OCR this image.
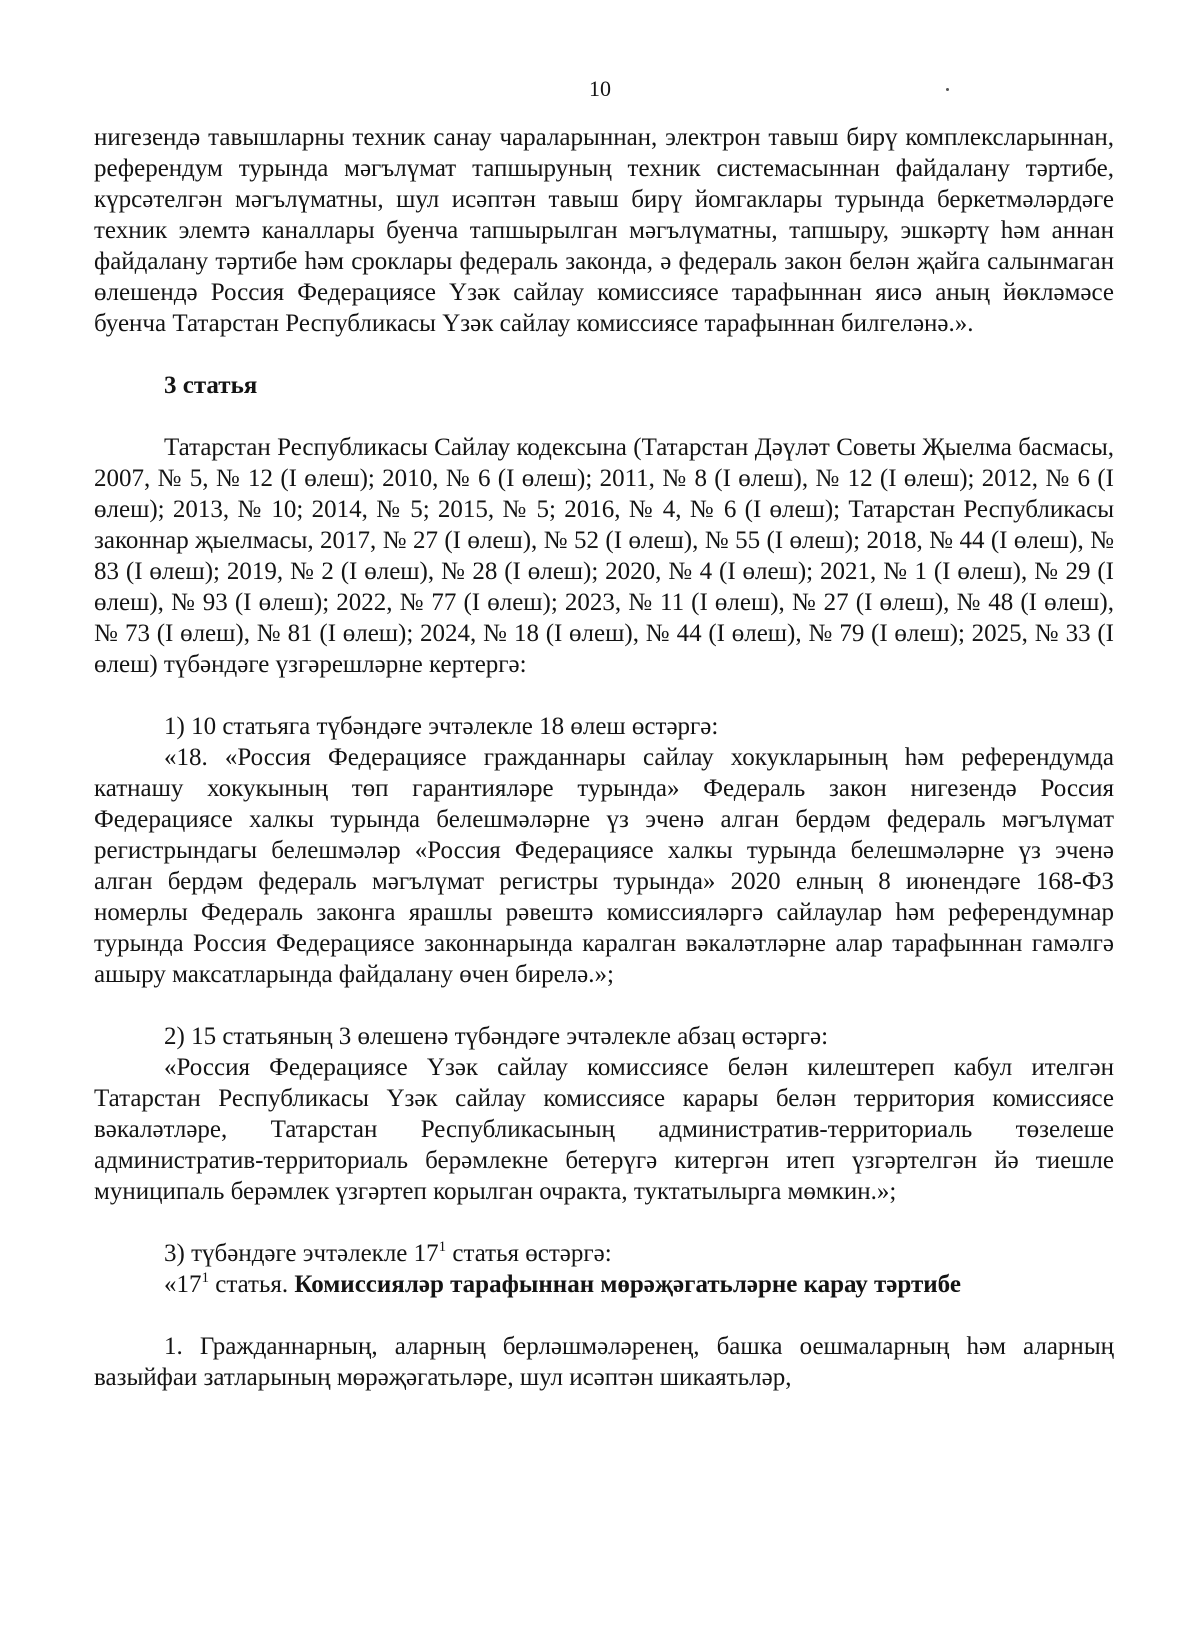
10

нигезендә тавышларны техник санау чараларыннан, электрон тавыш бирү комплексларыннан, референдум турында мәгълүмат тапшыруның техник системасыннан файдалану тәртибе, күрсәтелгән мәгълүматны, шул исәптән тавыш бирү йомгаклары турында беркетмәләрдәге техник элемтә каналлары буенча тапшырылган мәгълүматны, тапшыру, эшкәртү һәм аннан файдалану тәртибе һәм сроклары федераль законда, ә федераль закон белән җайга салынмаган өлешендә Россия Федерациясе Үзәк сайлау комиссиясе тарафыннан яисә аның йөкләмәсе буенча Татарстан Республикасы Үзәк сайлау комиссиясе тарафыннан билгеләнә.».

3 статья

Татарстан Республикасы Сайлау кодексына (Татарстан Дәүләт Советы Җыелма басмасы, 2007, № 5, № 12 (I өлеш); 2010, № 6 (I өлеш); 2011, № 8 (I өлеш), № 12 (I өлеш); 2012, № 6 (I өлеш); 2013, № 10; 2014, № 5; 2015, № 5; 2016, № 4, № 6 (I өлеш); Татарстан Республикасы законнар җыелмасы, 2017, № 27 (I өлеш), № 52 (I өлеш), № 55 (I өлеш); 2018, № 44 (I өлеш), № 83 (I өлеш); 2019, № 2 (I өлеш), № 28 (I өлеш); 2020, № 4 (I өлеш); 2021, № 1 (I өлеш), № 29 (I өлеш), № 93 (I өлеш); 2022, № 77 (I өлеш); 2023, № 11 (I өлеш), № 27 (I өлеш), № 48 (I өлеш), № 73 (I өлеш), № 81 (I өлеш); 2024, № 18 (I өлеш), № 44 (I өлеш), № 79 (I өлеш); 2025, № 33 (I өлеш) түбәндәге үзгәрешләрне кертергә:

1) 10 статьяга түбәндәге эчтәлекле 18 өлеш өстәргә:

«18. «Россия Федерациясе гражданнары сайлау хокукларының һәм референдумда катнашу хокукының төп гарантияләре турында» Федераль закон нигезендә Россия Федерациясе халкы турында белешмәләрне үз эченә алган бердәм федераль мәгълүмат регистрындагы белешмәләр «Россия Федерациясе халкы турында белешмәләрне үз эченә алган бердәм федераль мәгълүмат регистры турында» 2020 елның 8 июнендәге 168-ФЗ номерлы Федераль законга ярашлы рәвештә комиссияләргә сайлаулар һәм референдумнар турында Россия Федерациясе законнарында каралган вәкаләтләрне алар тарафыннан гамәлгә ашыру максатларында файдалану өчен бирелә.»;

2) 15 статьяның 3 өлешенә түбәндәге эчтәлекле абзац өстәргә:

«Россия Федерациясе Үзәк сайлау комиссиясе белән килештереп кабул ителгән Татарстан Республикасы Үзәк сайлау комиссиясе карары белән территория комиссиясе вәкаләтләре, Татарстан Республикасының административ-территориаль төзелеше административ-территориаль берәмлекне бетерүгә китергән итеп үзгәртелгән йә тиешле муниципаль берәмлек үзгәртеп корылган очракта, туктатылырга мөмкин.»;

3) түбәндәге эчтәлекле $17^1$ статья өстәргә:

«$17^1$ статья. Комиссияләр тарафыннан мөрәҗәгатьләрне карау тәртибе

1. Гражданнарның, аларның берләшмәләренең, башка оешмаларның һәм аларның вазыйфаи затларының мөрәҗәгатьләре, шул исәптән шикаятьләр,
